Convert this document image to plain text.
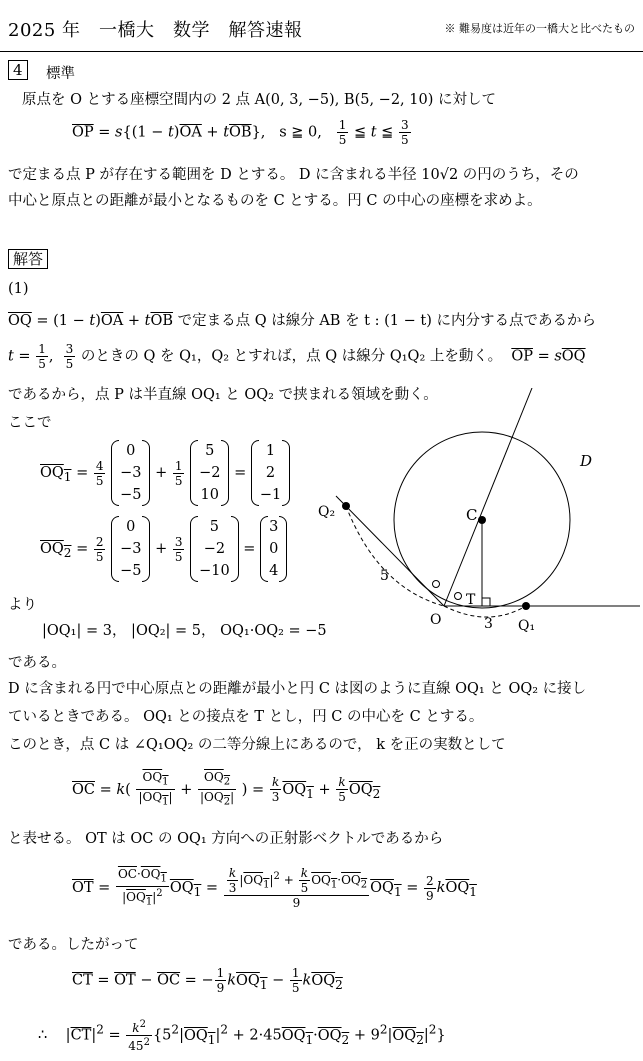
2025 年　一橋大　数学　解答速報	※ 難易度は近年の一橋大と比べたもの
4	標準
原点を O とする座標空間内の 2 点 A(0, 3, −5), B(5, −2, 10) に対して
$\overline{OP} = s\{(1 - t)\overline{OA} + t\overline{OB}\}$,   s ≧ 0, $\frac{1}{5}$ ≦ t ≦ $\frac{3}{5}$
で定まる点 P が存在する範囲を D とする。 D に含まれる半径 10√2 の円のうち，その
中心と原点との距離が最小となるものを C とする。円 C の中心の座標を求めよ。
解答
(1)
$\overline{OQ} = (1 - t)\overline{OA} + t\overline{OB}$ で定まる点 Q は線分 AB を t : (1 − t) に内分する点であるから
$t = \frac{1}{5}$ , $\frac{3}{5}$ のときの Q を Q₁，Q₂ とすれば，点 Q は線分 Q₁Q₂ 上を動く。 $\overline{OP} = s\overline{OQ}$
であるから，点 P は半直線 OQ₁ と OQ₂ で挟まれる領域を動く。
ここで
$OQ_1 = \frac{4}{5}$

0
−3
−5
+ $\frac{1}{5}$

5
−2
10
=
1
2
−1
$OQ_2 = \frac{2}{5}$

0
−3
−5
+ $\frac{3}{5}$

5
−2
−10
=
3
0
4
より
|OQ₁| = 3， |OQ₂| = 5， OQ₁·OQ₂ = −5
である。
D に含まれる円で中心原点との距離が最小と円 C は図のように直線 OQ₁ と OQ₂ に接し
ているときである。 OQ₁ との接点を T とし，円 C の中心を C とする。
このとき，点 C は ∠Q₁OQ₂ の二等分線上にあるので， k を正の実数として
$\overline{OC} = k( \frac{OQ_1}{|OQ_1|} + \frac{OQ_2}{|OQ_2|}$ ) = $\frac{k}{3} OQ_1 + \frac{k}{5} OQ_2$
と表せる。 OT は OC の OQ₁ 方向への正射影ベクトルであるから
$\overline{OT} = \frac{\overline{OC}\cdot OQ_1}{|OQ_1|^2} OQ_1 = \frac{\frac{k}{3} |OQ_1|^2 + \frac{k}{5} OQ_1\cdot OQ_2}{9} OQ_1 = \frac{2}{9} kOQ_1$
である。したがって
$\overline{CT} = \overline{OT} - \overline{OC}$ = − $\frac{1}{9} kOQ_1 - \frac{1}{5} kOQ_2$
∴    $|\overline{CT}|^2 = \frac{k^2}{45^2} \{5^2|OQ_1|^2 + 2\cdot 45OQ_1\cdot OQ_2 + 9^2|OQ_2|^2\}$
D
C
T
O	Q₁
Q₂
5
3
